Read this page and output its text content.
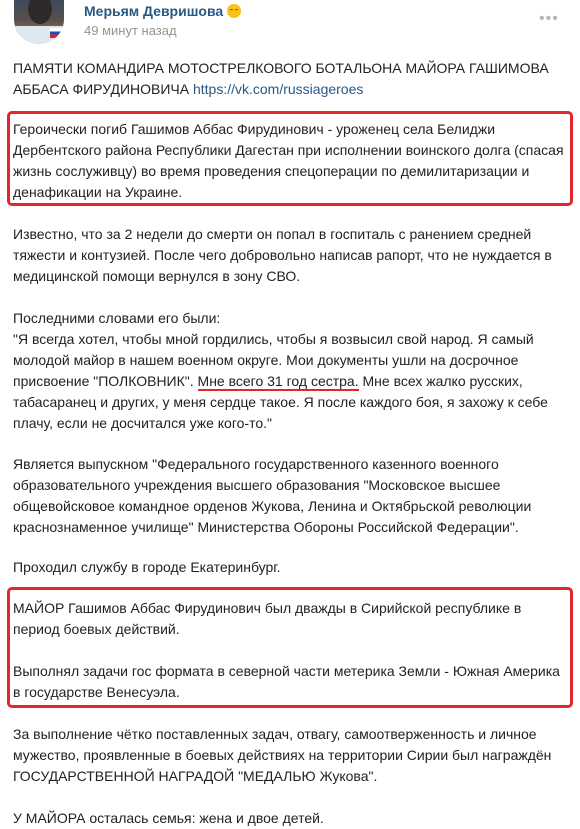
Мерьям Девришова
49 минут назад
•••

ПАМЯТИ КОМАНДИРА МОТОСТРЕЛКОВОГО БОТАЛЬОНА МАЙОРА ГАШИМОВА АББАСА ФИРУДИНОВИЧА https://vk.com/russiageroes

Героически погиб Гашимов Аббас Фирудинович - уроженец села Белиджи Дербентского района Республики Дагестан при исполнении воинского долга (спасая жизнь сослуживцу) во время проведения спецоперации по демилитаризации и денафикации на Украине.
Известно, что за 2 недели до смерти он попал в госпиталь с ранением средней тяжести и контузией. После чего добровольно написав рапорт, что не нуждается в медицинской помощи вернулся в зону СВО.
Последними словами его были:

"Я всегда хотел, чтобы мной гордились, чтобы я возвысил свой народ. Я самый молодой майор в нашем военном округе. Мои документы ушли на досрочное присвоение "ПОЛКОВНИК". Мне всего 31 год сестра. Мне всех жалко русских, табасаранец и других, у меня сердце такое. Я после каждого боя, я захожу к себе плачу, если не досчитался уже кого-то."

Является выпускном "Федерального государственного казенного военного образовательного учреждения высшего образования "Московское высшее общевойсковое командное орденов Жукова, Ленина и Октябрьской революции краснознаменное училище" Министерства Обороны Российской Федерации".
Проходил службу в городе Екатеринбург.
МАЙОР Гашимов Аббас Фирудинович был дважды в Сирийской республике в период боевых действий.
Выполнял задачи гос формата в северной части метерика Земли - Южная Америка в государстве Венесуэла.
За выполнение чётко поставленных задач, отвагу, самоотверженность и личное мужество, проявленные в боевых действиях на территории Сирии был награждён ГОСУДАРСТВЕННОЙ НАГРАДОЙ "МЕДАЛЬЮ Жукова".
У МАЙОРА осталась семья: жена и двое детей.
